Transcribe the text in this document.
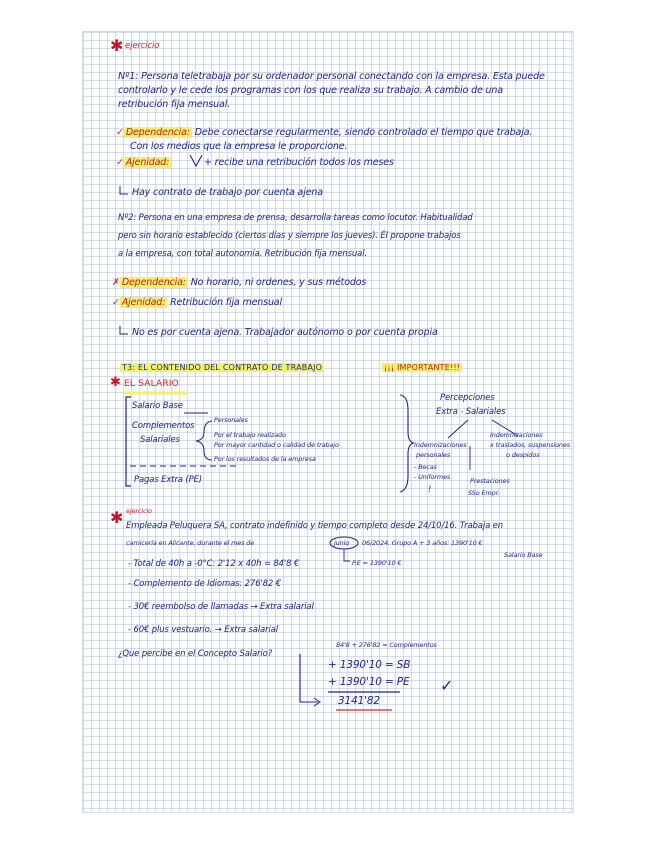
✱ ejercicio
Nº1: Persona teletrabaja por su ordenador personal conectando con la empresa. Esta puede
controlarlo y le cede los programas con los que realiza su trabajo. A cambio de una
retribución fija mensual.
✓ Dependencia: Debe conectarse regularmente, siendo controlado el tiempo que trabaja.
Con los medios que la empresa le proporcione.
✓ Ajenidad:	+ recibe una retribución todos los meses
Hay contrato de trabajo por cuenta ajena
Nº2: Persona en una empresa de prensa, desarrolla tareas como locutor. Habitualidad
pero sin horario establecido (ciertos días y siempre los jueves). Él propone trabajos
a la empresa, con total autonomía. Retribución fija mensual.
✗ Dependencia: No horario, ni ordenes, y sus métodos
✓ Ajenidad: Retribución fija mensual
No es por cuenta ajena. Trabajador autónomo o por cuenta propia
T3: EL CONTENIDO DEL CONTRATO DE TRABAJO	¡¡¡ IMPORTANTE!!!
✱ EL SALARIO
Salario Base
Complementos
Salariales
Personales
Por el trabajo realizado
Por mayor cantidad o calidad de trabajo
Por los resultados de la empresa
Pagas Extra (PE)
Percepciones
Extra - Salariales
Indemnizaciones
x traslados, suspensiones
o despidos
Indemnizaciones
personales
- Becas
- Uniformes
!
Prestaciones
SSo Empr.
✱ ejercicio
Empleada Peluquera SA, contrato indefinido y tiempo completo desde 24/10/16. Trabaja en
carnicería en Alicante, durante el mes de	junio 06/2024. Grupo A + 3 años: 1390'10 €
P.E = 1390'10 €
Salario Base
- Total de 40h a -0°C: 2'12 x 40h = 84'8 €
- Complemento de Idiomas: 276'82 €
- 30€ reembolso de llamadas → Extra salarial
- 60€ plus vestuario. → Extra salarial
¿Que percibe en el Concepto Salario?
84'8 + 276'82 = Complementos
+ 1390'10 = SB
+ 1390'10 = PE
3141'82
✓
